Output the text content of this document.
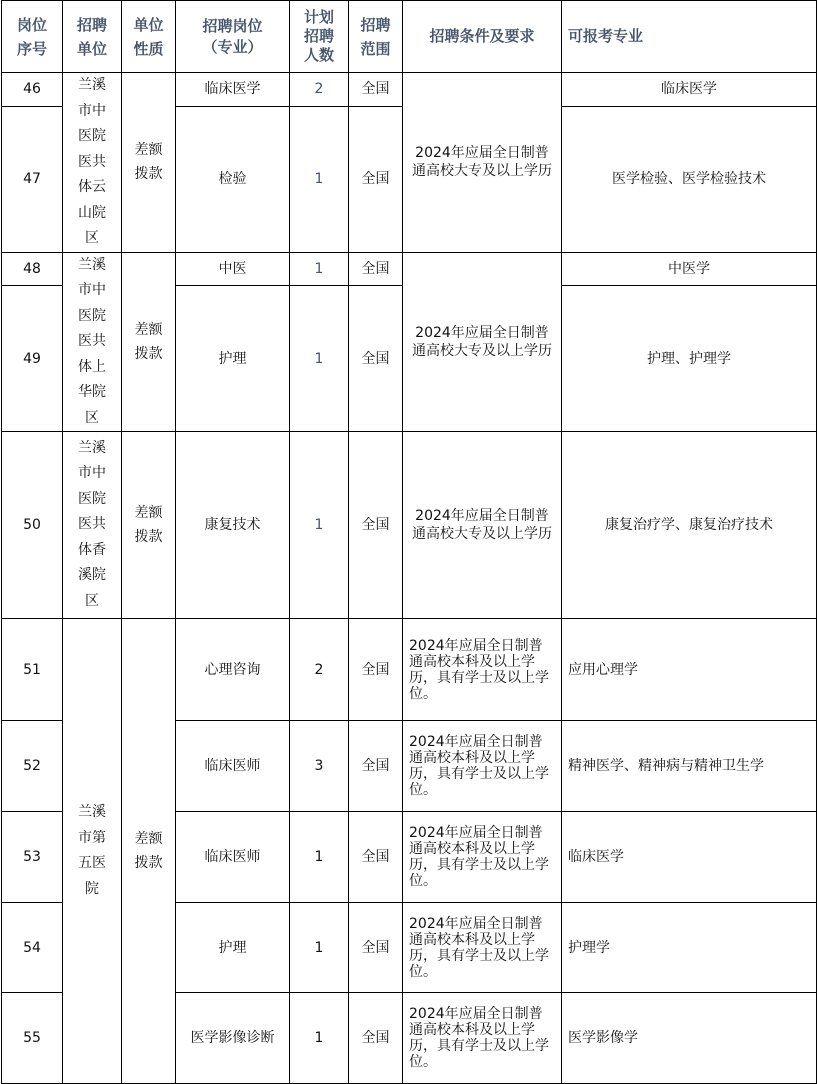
岗位序号	招聘单位	单位性质	招聘岗位（专业）	计划招聘人数	招聘范围	招聘条件及要求	可报考专业
46	兰溪市中医院医共体云山院区	差额拨款	临床医学	2	全国	2024年应届全日制普通高校大专及以上学历	临床医学
47			检验	1	全国		医学检验、医学检验技术
48	兰溪市中医院医共体上华院区	差额拨款	中医	1	全国	2024年应届全日制普通高校大专及以上学历	中医学
49			护理	1	全国		护理、护理学
50	兰溪市中医院医共体香溪院区	差额拨款	康复技术	1	全国	2024年应届全日制普通高校大专及以上学历	康复治疗学、康复治疗技术
51	兰溪市第五医院	差额拨款	心理咨询	2	全国	2024年应届全日制普通高校本科及以上学历，具有学士及以上学位。	应用心理学
52			临床医师	3	全国	2024年应届全日制普通高校本科及以上学历，具有学士及以上学位。	精神医学、精神病与精神卫生学
53			临床医师	1	全国	2024年应届全日制普通高校本科及以上学历，具有学士及以上学位。	临床医学
54			护理	1	全国	2024年应届全日制普通高校本科及以上学历，具有学士及以上学位。	护理学
55			医学影像诊断	1	全国	2024年应届全日制普通高校本科及以上学历，具有学士及以上学位。	医学影像学
